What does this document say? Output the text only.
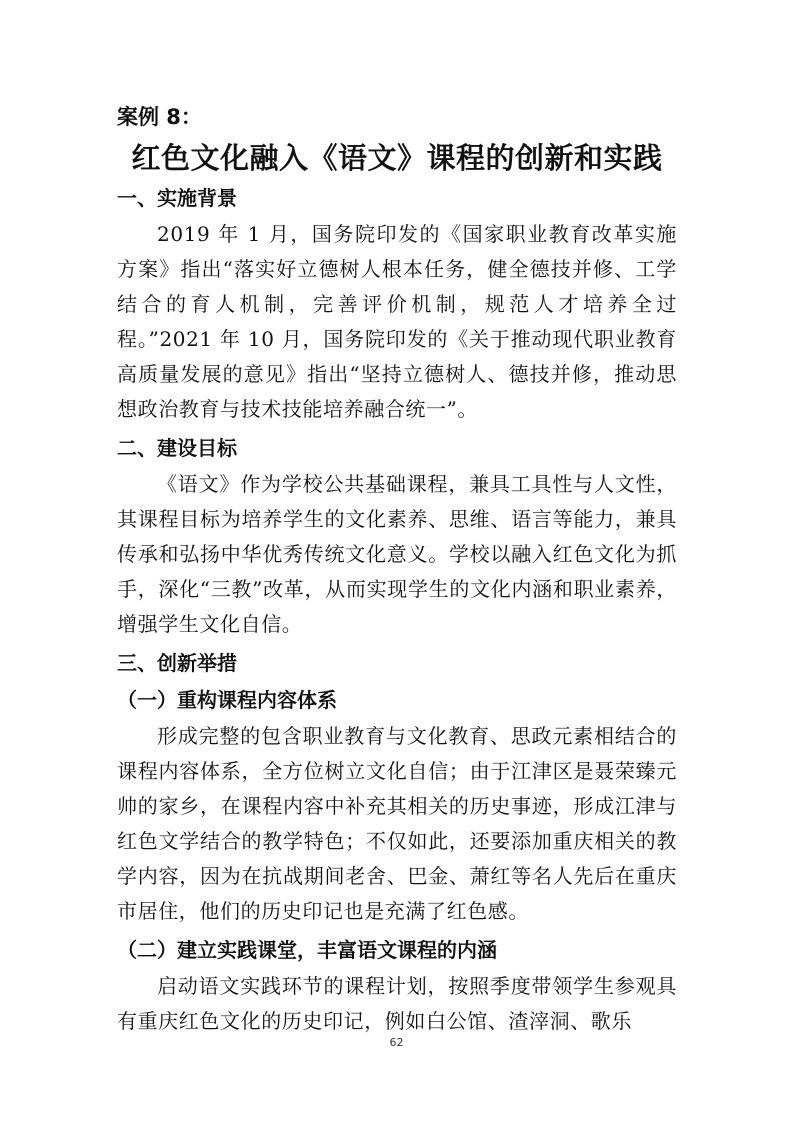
案例 8：

红色文化融入《语文》课程的创新和实践
一、实施背景

2019 年 1 月，国务院印发的《国家职业教育改革实施方案》指出“落实好立德树人根本任务，健全德技并修、工学结合的育人机制，完善评价机制，规范人才培养全过程。”2021 年 10 月，国务院印发的《关于推动现代职业教育高质量发展的意见》指出“坚持立德树人、德技并修，推动思想政治教育与技术技能培养融合统一”。

二、建设目标

《语文》作为学校公共基础课程，兼具工具性与人文性，其课程目标为培养学生的文化素养、思维、语言等能力，兼具传承和弘扬中华优秀传统文化意义。学校以融入红色文化为抓手，深化“三教”改革，从而实现学生的文化内涵和职业素养，增强学生文化自信。

三、创新举措
（一）重构课程内容体系

形成完整的包含职业教育与文化教育、思政元素相结合的课程内容体系，全方位树立文化自信；由于江津区是聂荣臻元帅的家乡，在课程内容中补充其相关的历史事迹，形成江津与红色文学结合的教学特色；不仅如此，还要添加重庆相关的教学内容，因为在抗战期间老舍、巴金、萧红等名人先后在重庆市居住，他们的历史印记也是充满了红色感。

（二）建立实践课堂，丰富语文课程的内涵

启动语文实践环节的课程计划，按照季度带领学生参观具有重庆红色文化的历史印记，例如白公馆、渣滓洞、歌乐

62
